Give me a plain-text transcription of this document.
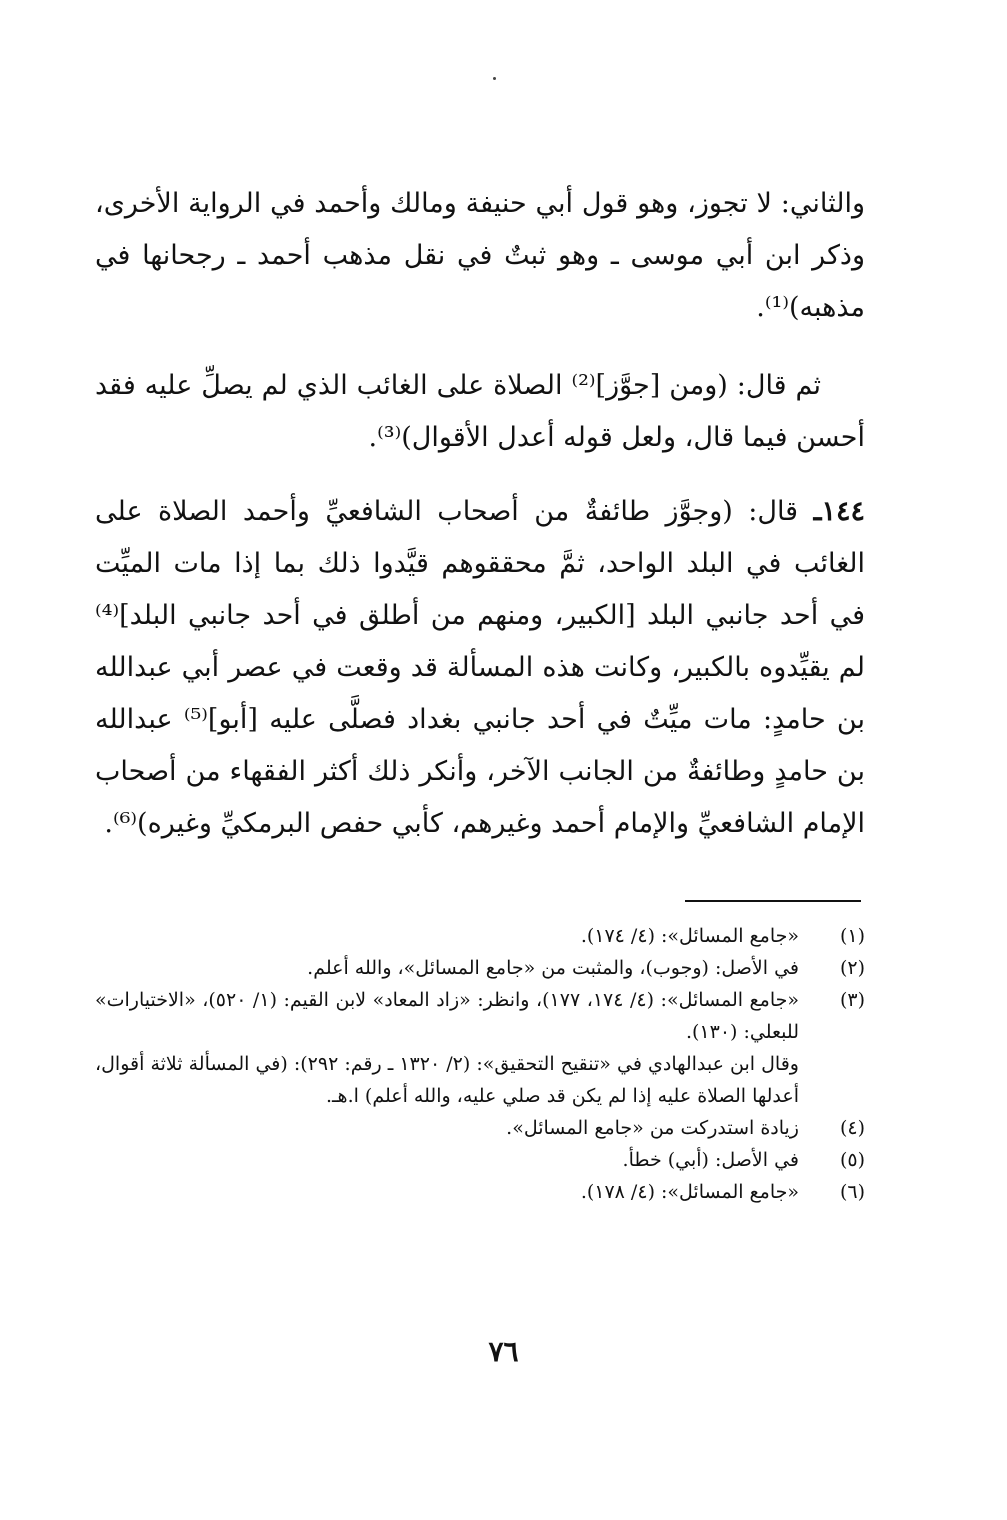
والثاني: لا تجوز، وهو قول أبي حنيفة ومالك وأحمد في الرواية الأخرى، وذكر ابن أبي موسى ـ وهو ثبتٌ في نقل مذهب أحمد ـ رجحانها في مذهبه)⁽¹⁾.

ثم قال: (ومن [جوَّز]⁽²⁾ الصلاة على الغائب الذي لم يصلِّ عليه فقد أحسن فيما قال، ولعل قوله أعدل الأقوال)⁽³⁾.

١٤٤ـ قال: (وجوَّز طائفةٌ من أصحاب الشافعيِّ وأحمد الصلاة على الغائب في البلد الواحد، ثمَّ محققوهم قيَّدوا ذلك بما إذا مات الميِّت في أحد جانبي البلد [الكبير، ومنهم من أطلق في أحد جانبي البلد]⁽⁴⁾ لم يقيِّدوه بالكبير، وكانت هذه المسألة قد وقعت في عصر أبي عبدالله بن حامدٍ: مات ميِّتٌ في أحد جانبي بغداد فصلَّى عليه [أبو]⁽⁵⁾ عبدالله بن حامدٍ وطائفةٌ من الجانب الآخر، وأنكر ذلك أكثر الفقهاء من أصحاب الإمام الشافعيِّ والإمام أحمد وغيرهم، كأبي حفص البرمكيِّ وغيره)⁽⁶⁾.

(١)
«جامع المسائل»: (٤/ ١٧٤).
(٢)
في الأصل: (وجوب)، والمثبت من «جامع المسائل»، والله أعلم.
(٣)
«جامع المسائل»: (٤/ ١٧٤، ١٧٧)، وانظر: «زاد المعاد» لابن القيم: (١/ ٥٢٠)، «الاختيارات» للبعلي: (١٣٠).
وقال ابن عبدالهادي في «تنقيح التحقيق»: (٢/ ١٣٢٠ ـ رقم: ٢٩٢): (في المسألة ثلاثة أقوال، أعدلها الصلاة عليه إذا لم يكن قد صلي عليه، والله أعلم) ا.هـ.
(٤)
زيادة استدركت من «جامع المسائل».
(٥)
في الأصل: (أبي) خطأ.
(٦)
«جامع المسائل»: (٤/ ١٧٨).
٧٦
